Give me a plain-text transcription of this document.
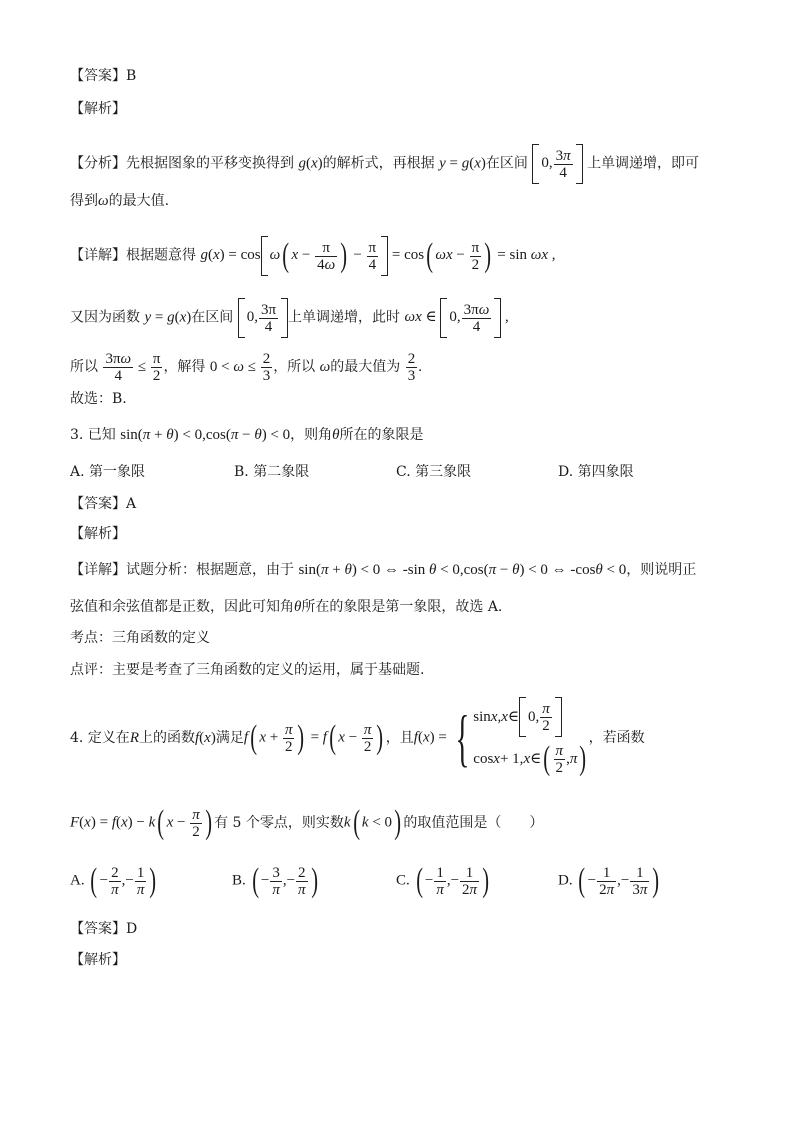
【答案】B
【解析】
【分析】先根据图象的平移变换得到 g(x)的解析式，再根据 y = g(x)在区间 0, $\frac{3\pi}{4}$ 上单调递增，即可
得到ω的最大值.
【详解】根据题意得 g(x) = cos ω( $x - \frac{\pi}{4\omega}$ ) − $\frac{\pi}{4} = \cos$( $\omega x - \frac{\pi}{2}$ ) = sin ωx ,
又因为函数 y = g(x)在区间 0, $\frac{3\pi}{4}$ 上单调递增，此时 ωx ∈ 0, $\frac{3\pi\omega}{4}$ ,
所以 $\frac{3\pi\omega}{4} \le \frac{\pi}{2}$ ，解得 $0 < \omega \le \frac{2}{3}$ ，所以 ω的最大值为 $\frac{2}{3}$ .
故选：B.
3. 已知 sin(π + θ) < 0,cos(π − θ) < 0，则角θ所在的象限是
A. 第一象限	B. 第二象限	C. 第三象限	D. 第四象限
【答案】A
【解析】
【详解】试题分析：根据题意，由于 sin(π + θ) < 0 ⇔ -sin θ < 0,cos(π − θ) < 0 ⇔ -cosθ < 0，则说明正
弦值和余弦值都是正数，因此可知角θ所在的象限是第一象限，故选 A.
考点：三角函数的定义
点评：主要是考查了三角函数的定义的运用，属于基础题.
4.
定义在 R 上的函数 f(x) 满足 f( $x + \frac{\pi}{2}$ ) = f( $x - \frac{\pi}{2}$ ) ，且 f(x) = { sin x , x ∈
0,
π
2
cos x + 1, x ∈ ( π
2
, π )
，若函数
F(x) = f(x) − k( $x - \frac{\pi}{2}$ ) 有 5 个零点，则实数 k( k < 0) 的取值范围是（　　）
A. ( − $\frac{2}{\pi}$ ,− $\frac{1}{\pi}$ )	B. ( − $\frac{3}{\pi}$ ,− $\frac{2}{\pi}$ )	C. ( − $\frac{1}{\pi}$ ,− $\frac{1}{2\pi}$ )	D. ( − $\frac{1}{2\pi}$ ,− $\frac{1}{3\pi}$ )
【答案】D
【解析】
